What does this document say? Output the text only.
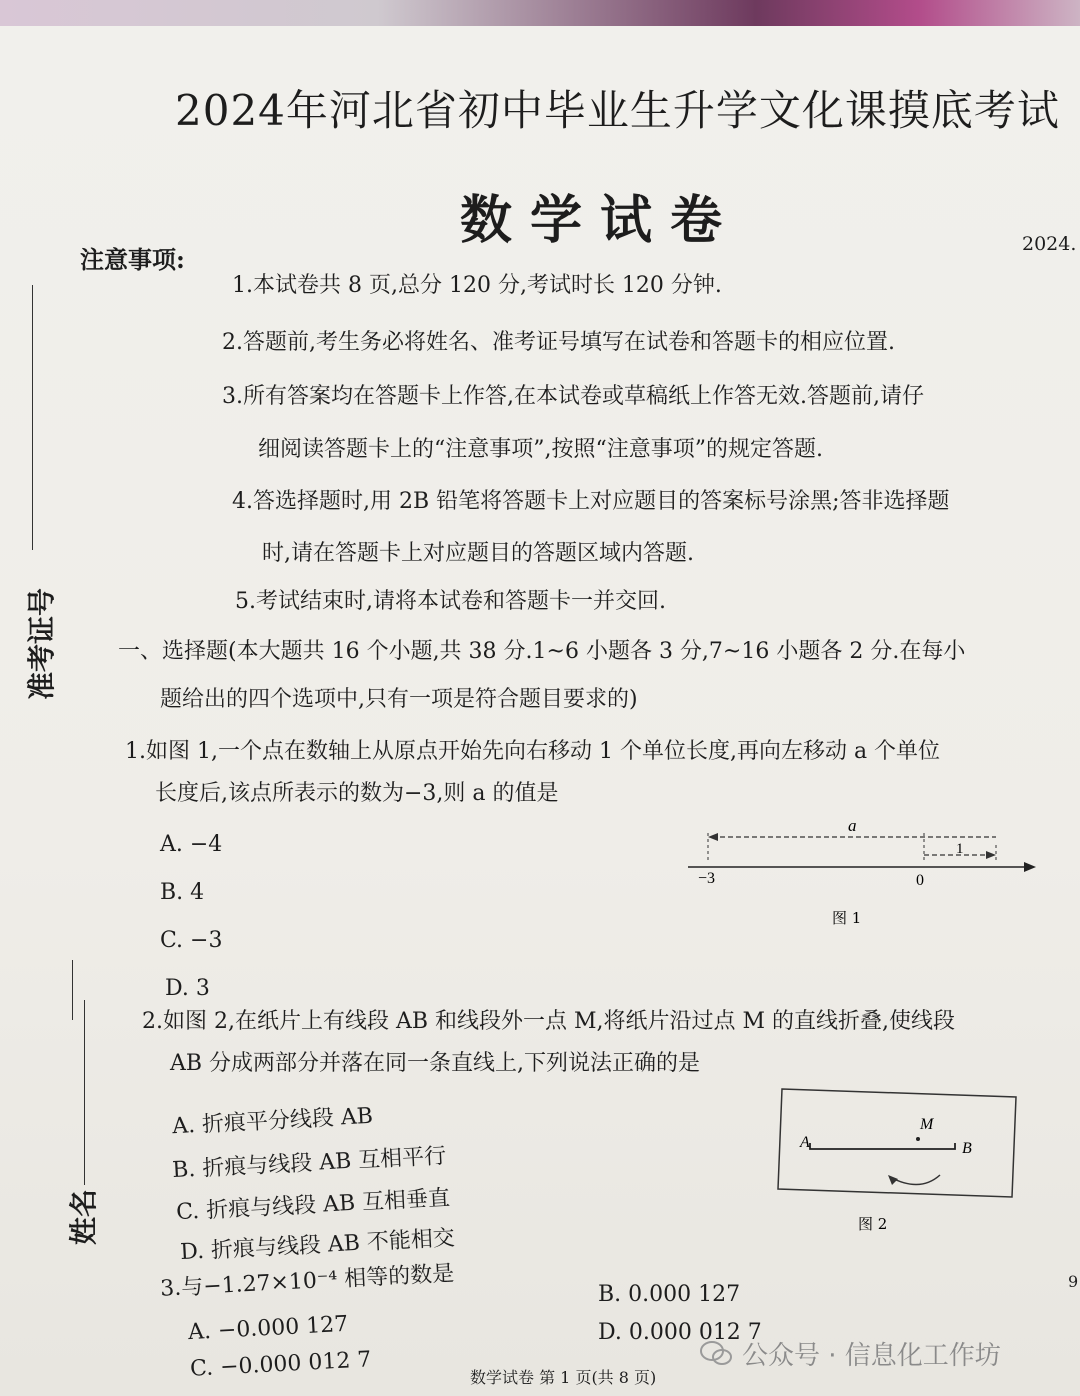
2024年河北省初中毕业生升学文化课摸底考试
数学试卷	2024.
注意事项:
1.本试卷共 8 页,总分 120 分,考试时长 120 分钟.
2.答题前,考生务必将姓名、准考证号填写在试卷和答题卡的相应位置.
3.所有答案均在答题卡上作答,在本试卷或草稿纸上作答无效.答题前,请仔
细阅读答题卡上的“注意事项”,按照“注意事项”的规定答题.
4.答选择题时,用 2B 铅笔将答题卡上对应题目的答案标号涂黑;答非选择题
时,请在答题卡上对应题目的答题区域内答题.
5.考试结束时,请将本试卷和答题卡一并交回.
准考证号
姓名
一、选择题(本大题共 16 个小题,共 38 分.1~6 小题各 3 分,7~16 小题各 2 分.在每小
题给出的四个选项中,只有一项是符合题目要求的)
1.如图 1,一个点在数轴上从原点开始先向右移动 1 个单位长度,再向左移动 a 个单位
长度后,该点所表示的数为−3,则 a 的值是
A. −4
B. 4
C. −3
D. 3
a
1
−3	0
图 1
2.如图 2,在纸片上有线段 AB 和线段外一点 M,将纸片沿过点 M 的直线折叠,使线段
AB 分成两部分并落在同一条直线上,下列说法正确的是
A. 折痕平分线段 AB
B. 折痕与线段 AB 互相平行
C. 折痕与线段 AB 互相垂直
D. 折痕与线段 AB 不能相交
A	B
M
图 2
3.与−1.27×10⁻⁴ 相等的数是
A. −0.000 127
B. 0.000 127
C. −0.000 012 7
D. 0.000 012 7
数学试卷 第 1 页(共 8 页)
公众号 · 信息化工作坊
9
